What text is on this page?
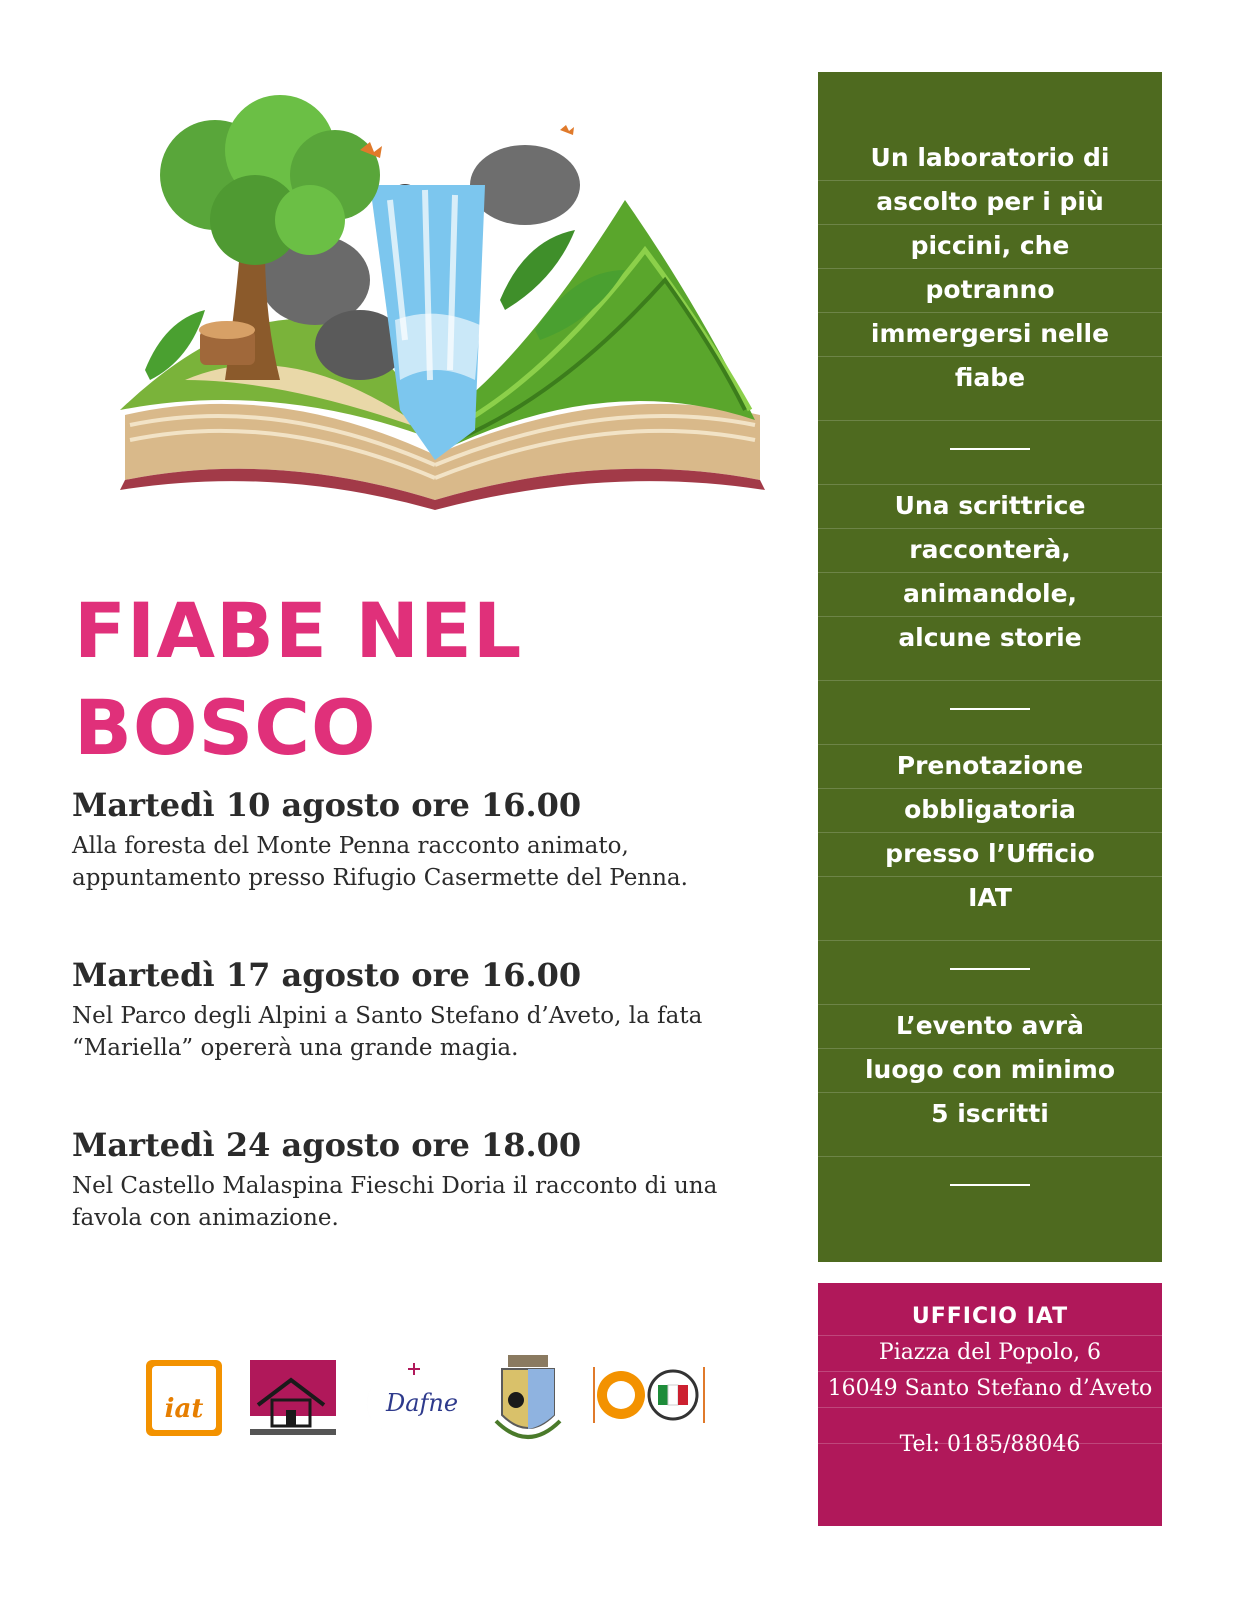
FIABE NEL
BOSCO
Martedì 10 agosto ore 16.00

Alla foresta del Monte Penna racconto animato,
appuntamento presso Rifugio Casermette del Penna.

Martedì 17 agosto ore 16.00

Nel Parco degli Alpini a Santo Stefano d’Aveto, la fata
“Mariella” opererà una grande magia.

Martedì 24 agosto ore 18.00

Nel Castello Malaspina Fieschi Doria il racconto di una
favola con animazione.

Un laboratorio di
ascolto per i più
piccini, che
potranno
immergersi nelle
fiabe
Una scrittrice
racconterà,
animandole,
alcune storie
Prenotazione
obbligatoria
presso l’Ufficio
IAT
L’evento avrà
luogo con minimo
5 iscritti
UFFICIO IAT
Piazza del Popolo, 6
16049 Santo Stefano d’Aveto
Tel: 0185/88046
iat	Dafne
